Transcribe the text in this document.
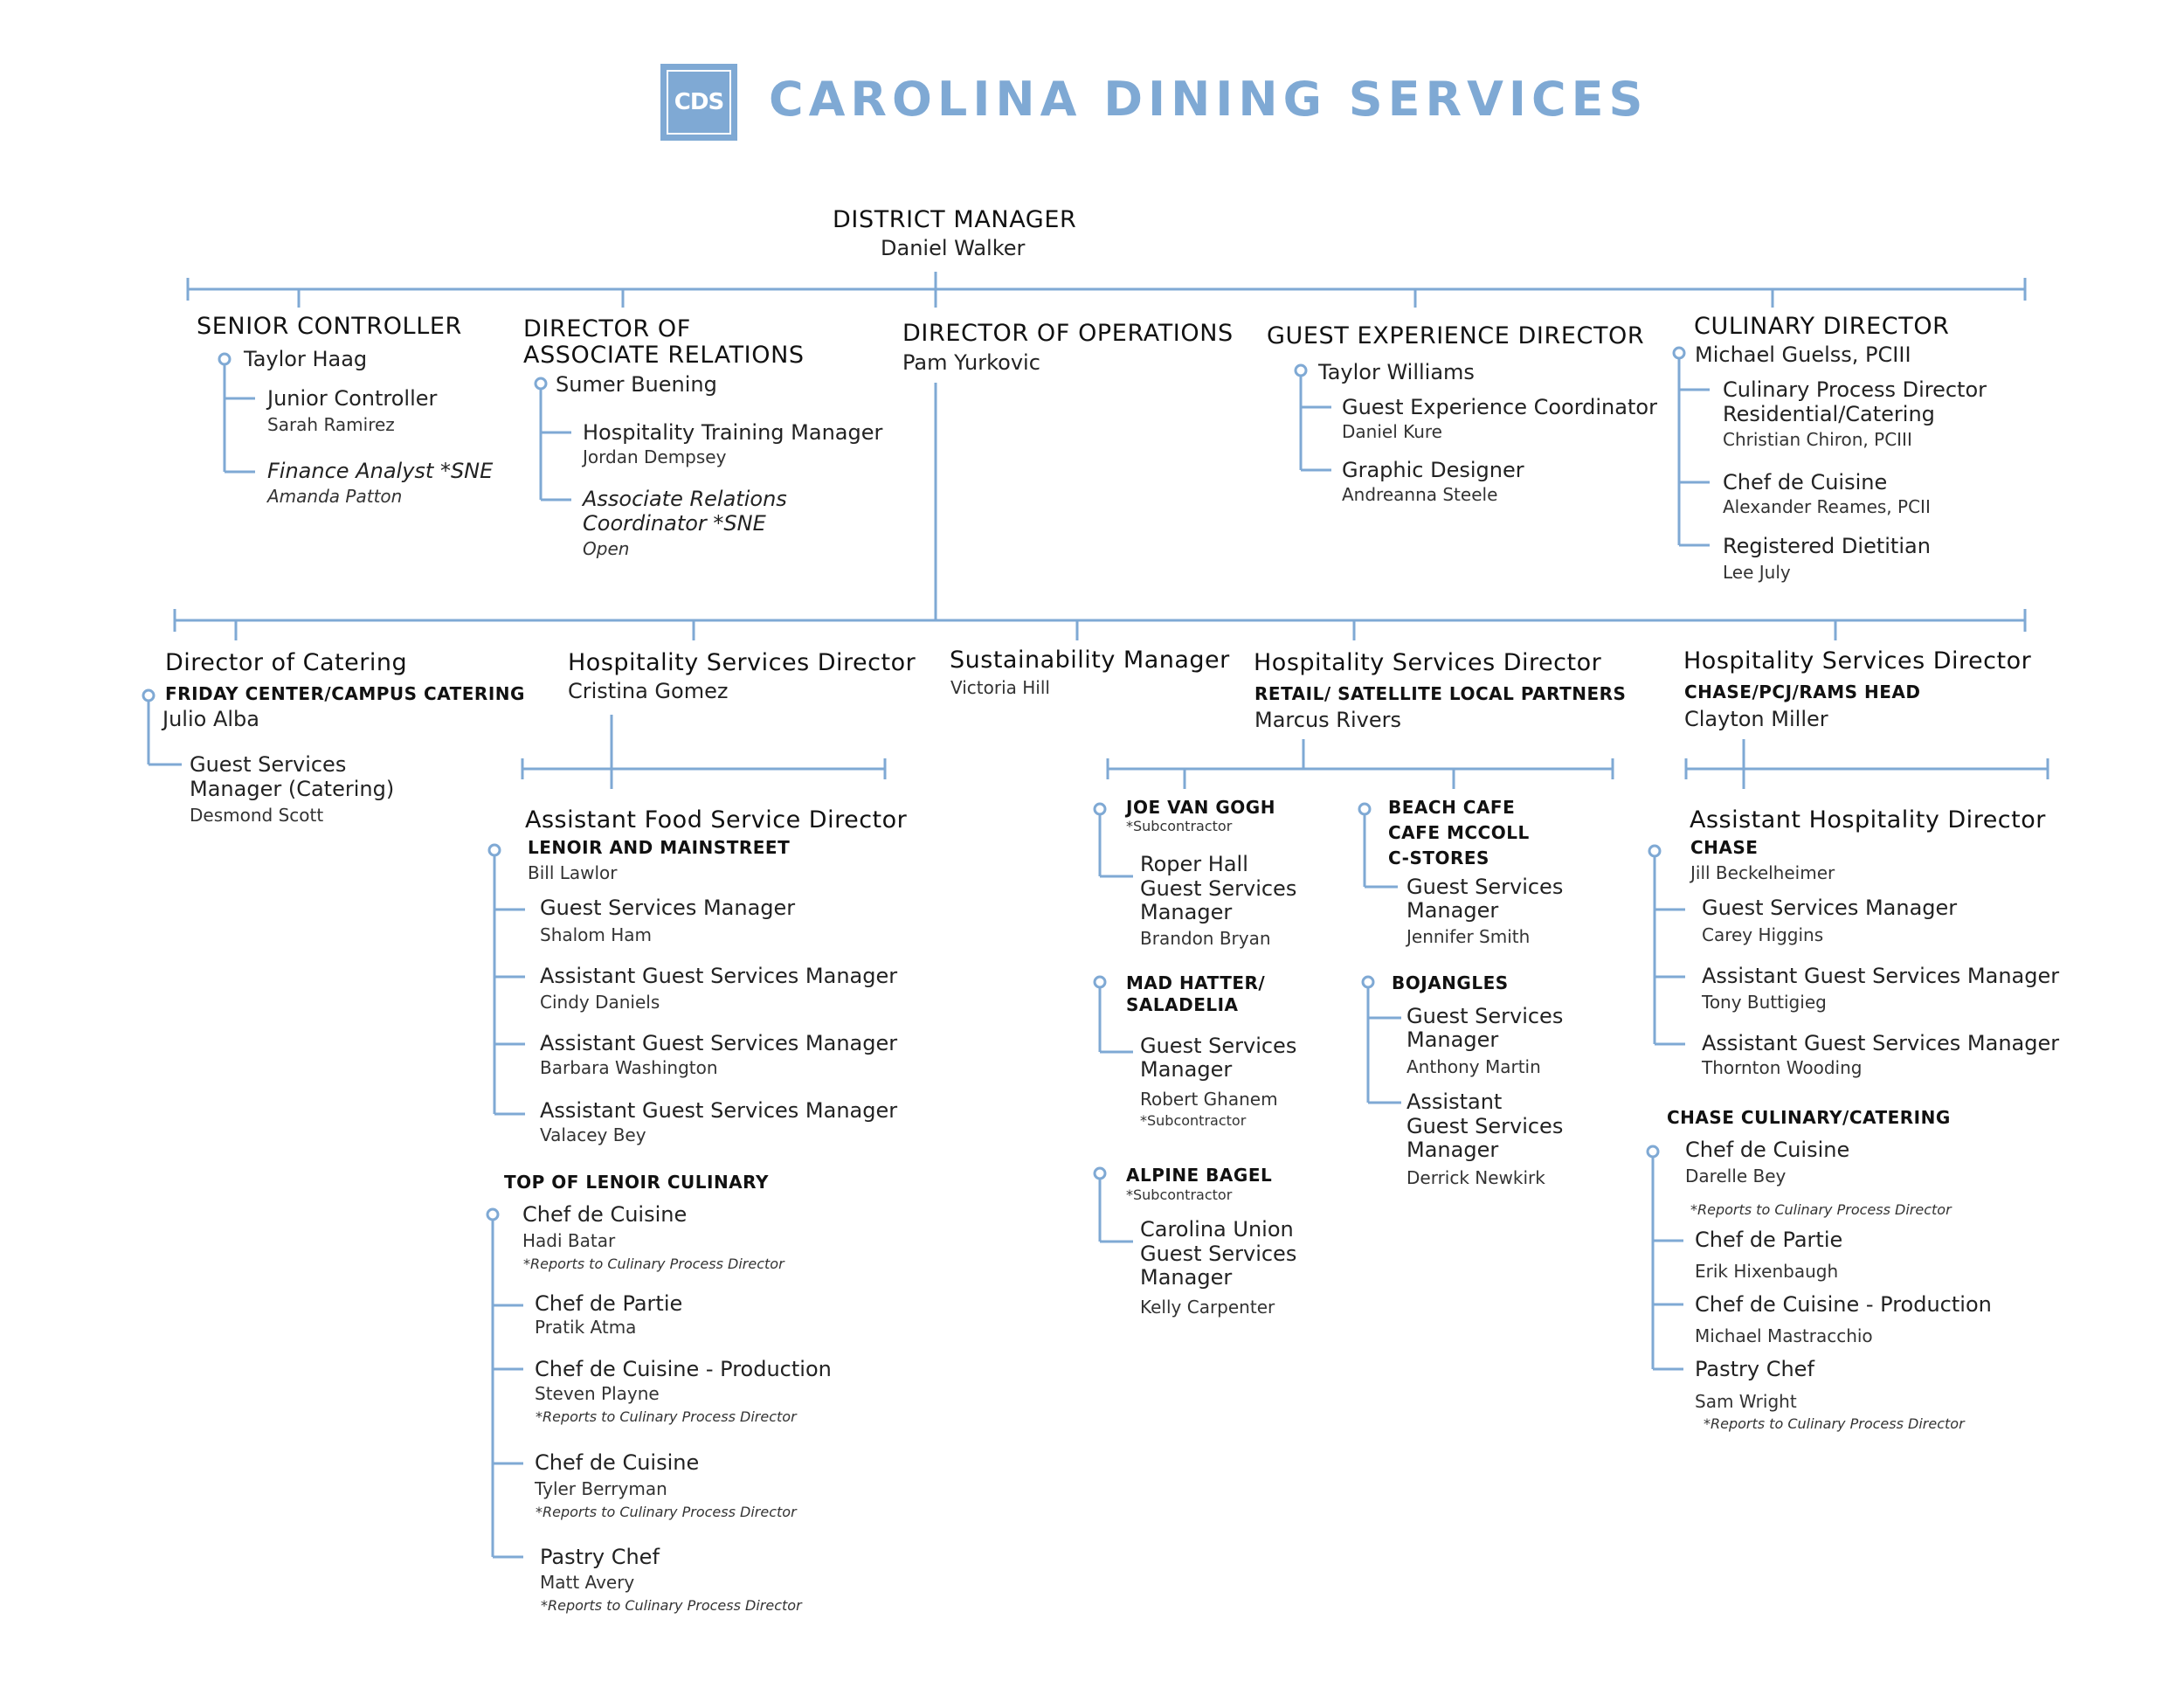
CDS CAROLINA DINING SERVICES
DISTRICT MANAGER
Daniel Walker
SENIOR CONTROLLER
Taylor Haag
Junior Controller
Sarah Ramirez
Finance Analyst *SNE
Amanda Patton
DIRECTOR OF
ASSOCIATE RELATIONS
Sumer Buening
Hospitality Training Manager
Jordan Dempsey
Associate Relations
Coordinator *SNE
Open
DIRECTOR OF OPERATIONS
Pam Yurkovic
GUEST EXPERIENCE DIRECTOR
Taylor Williams
Guest Experience Coordinator
Daniel Kure
Graphic Designer
Andreanna Steele
CULINARY DIRECTOR
Michael Guelss, PCIII
Culinary Process Director
Residential/Catering
Christian Chiron, PCIII
Chef de Cuisine
Alexander Reames, PCII
Registered Dietitian
Lee July
Director of Catering
FRIDAY CENTER/CAMPUS CATERING
Julio Alba
Guest Services
Manager (Catering)
Desmond Scott
Hospitality Services Director
Cristina Gomez
Assistant Food Service Director
LENOIR AND MAINSTREET
Bill Lawlor
Guest Services Manager
Shalom Ham
Assistant Guest Services Manager
Cindy Daniels
Assistant Guest Services Manager
Barbara Washington
Assistant Guest Services Manager
Valacey Bey
TOP OF LENOIR CULINARY
Chef de Cuisine
Hadi Batar
*Reports to Culinary Process Director
Chef de Partie
Pratik Atma
Chef de Cuisine - Production
Steven Playne
*Reports to Culinary Process Director
Chef de Cuisine
Tyler Berryman
*Reports to Culinary Process Director
Pastry Chef
Matt Avery
*Reports to Culinary Process Director
Sustainability Manager
Victoria Hill
Hospitality Services Director
RETAIL/ SATELLITE LOCAL PARTNERS
Marcus Rivers
JOE VAN GOGH
*Subcontractor
Roper Hall
Guest Services
Manager
Brandon Bryan
MAD HATTER/
SALADELIA
Guest Services
Manager
Robert Ghanem
*Subcontractor
ALPINE BAGEL
*Subcontractor
Carolina Union
Guest Services
Manager
Kelly Carpenter
BEACH CAFE
CAFE MCCOLL
C-STORES
Guest Services
Manager
Jennifer Smith
BOJANGLES
Guest Services
Manager
Anthony Martin
Assistant
Guest Services
Manager
Derrick Newkirk
Hospitality Services Director
CHASE/PCJ/RAMS HEAD
Clayton Miller
Assistant Hospitality Director
CHASE
Jill Beckelheimer
Guest Services Manager
Carey Higgins
Assistant Guest Services Manager
Tony Buttigieg
Assistant Guest Services Manager
Thornton Wooding
CHASE CULINARY/CATERING
Chef de Cuisine
Darelle Bey
*Reports to Culinary Process Director
Chef de Partie
Erik Hixenbaugh
Chef de Cuisine - Production
Michael Mastracchio
Pastry Chef
Sam Wright
*Reports to Culinary Process Director
